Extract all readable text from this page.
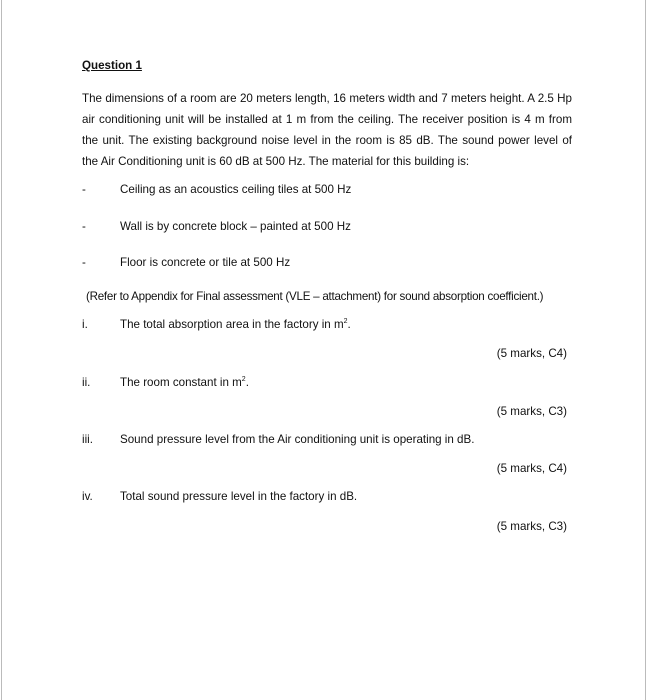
Question 1
The dimensions of a room are 20 meters length, 16 meters width and 7 meters height. A 2.5 Hp air conditioning unit will be installed at 1 m from the ceiling. The receiver position is 4 m from the unit. The existing background noise level in the room is 85 dB. The sound power level of the Air Conditioning unit is 60 dB at 500 Hz. The material for this building is:
-	Ceiling as an acoustics ceiling tiles at 500 Hz
-	Wall is by concrete block – painted at 500 Hz
-	Floor is concrete or tile at 500 Hz
(Refer to Appendix for Final assessment (VLE – attachment) for sound absorption coefficient.)
i.	The total absorption area in the factory in $m^2$.
(5 marks, C4)
ii.	The room constant in $m^2$.
(5 marks, C3)
iii. Sound pressure level from the Air conditioning unit is operating in dB.
(5 marks, C4)
iv. Total sound pressure level in the factory in dB.
(5 marks, C3)
